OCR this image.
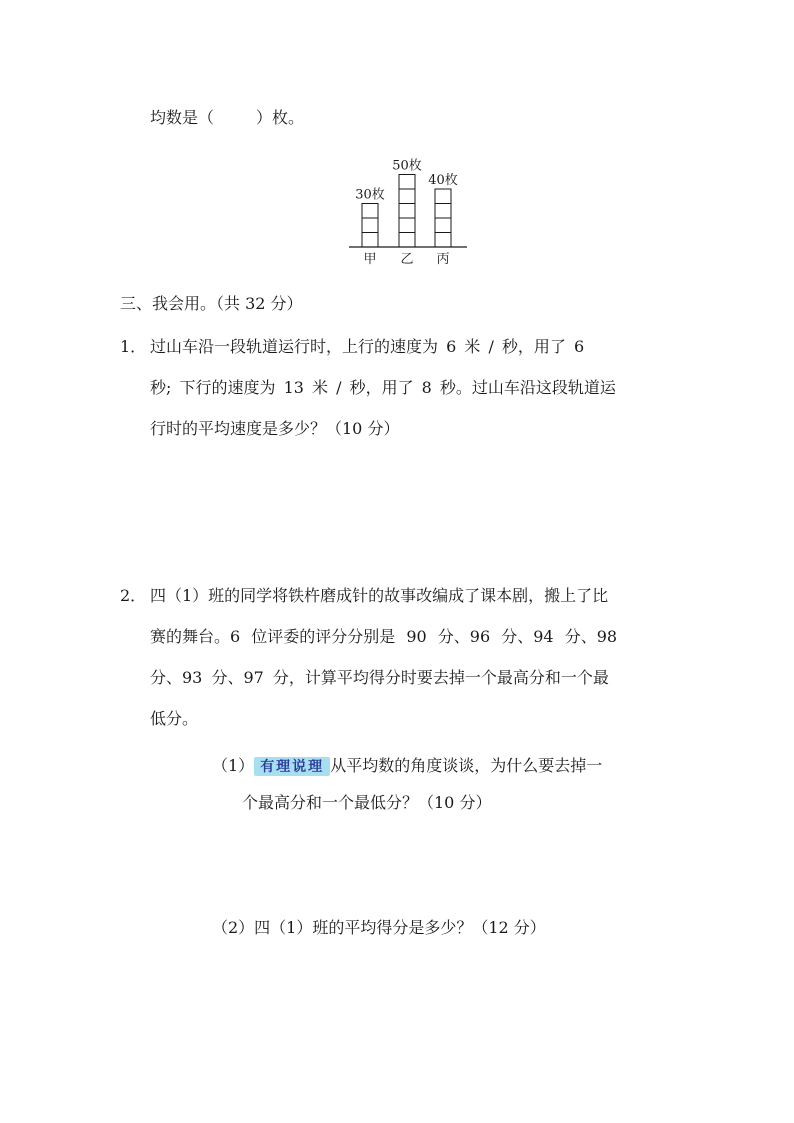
均数是（	）枚。
30枚
甲
50枚
乙
40枚
丙
三、我会用。（共 32 分）
1． 过山车沿一段轨道运行时，上行的速度为 6 米 / 秒，用了 6
秒; 下行的速度为 13 米 / 秒，用了 8 秒。过山车沿这段轨道运
行时的平均速度是多少？（10 分）
2． 四（1）班的同学将铁杵磨成针的故事改编成了课本剧，搬上了比
赛的舞台。6 位评委的评分分别是 90 分、96 分、94 分、98
分、93 分、97 分，计算平均得分时要去掉一个最高分和一个最
低分。
（1） 有理说理 从平均数的角度谈谈，为什么要去掉一
个最高分和一个最低分？（10 分）
（2）四（1）班的平均得分是多少？（12 分）
